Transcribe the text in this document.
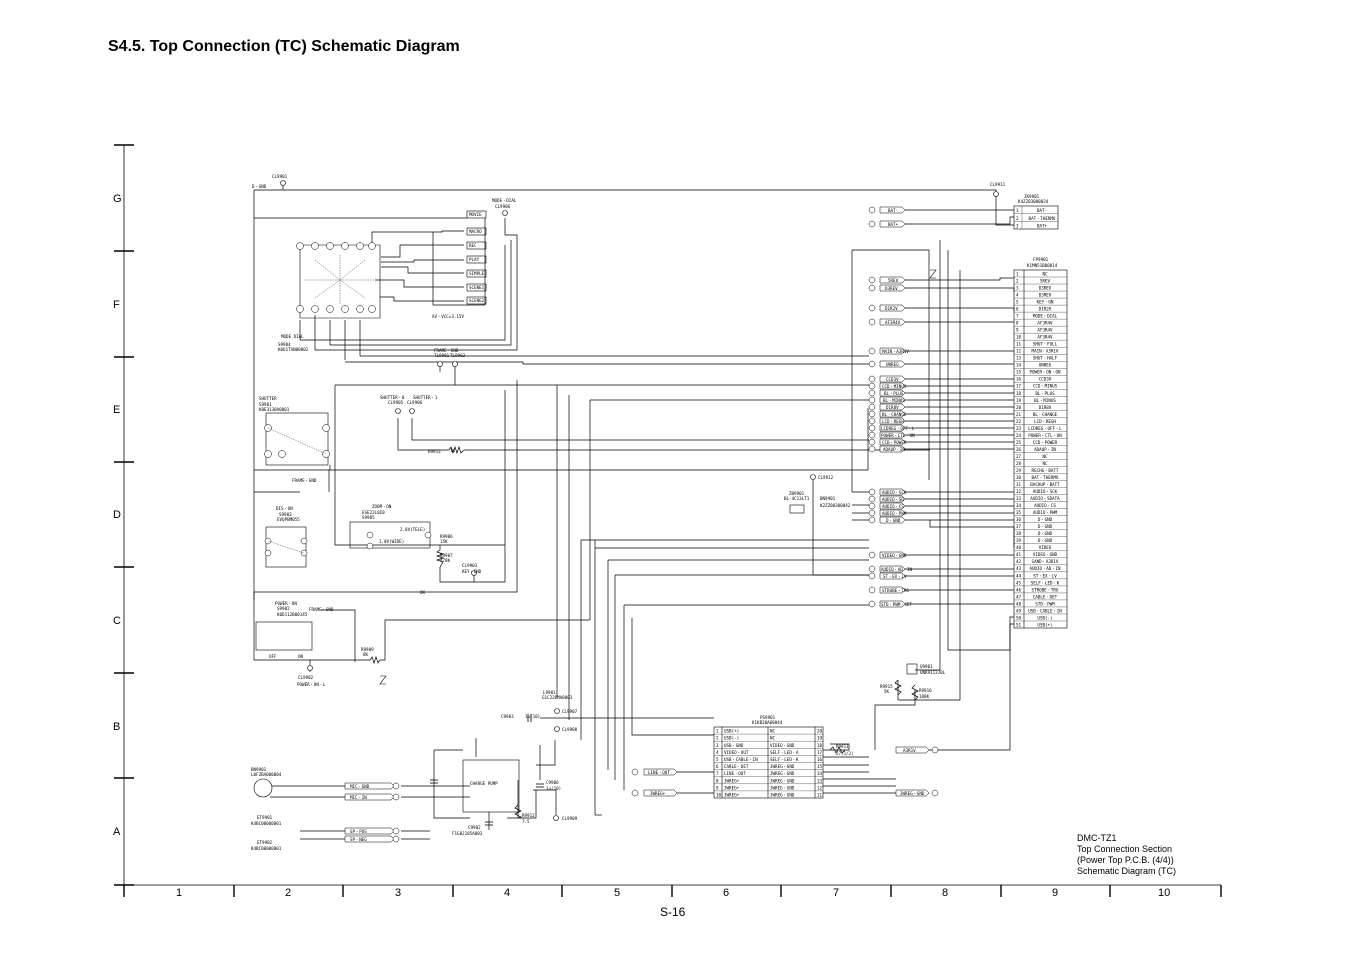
S4.5. Top Connection (TC) Schematic Diagram
G
F
E
D
C
B
A
1	2	3	4	5	6	7	8	9	10
1	NC
2	5REV
3	D3REV
4	D3REV
5	KEY・ON
6	D1R2V
7	MODE・DIAL
8	AF3R4V
9	AF3R4V
10	AF3R4V
11	SHUT・FULL
12	MAIN・A3R1V
13	SHUT・HALF
14	UNREG
15 POWER・ON・ON
16	CCD3V
17	CCD・MINUS
18	BL・PLUS
19	BL・MINUS
20	D1R8V
21	BL・CHANGE
22	LCD・REGH
23 LCDREG・OFF・L
24 POWER・CTL・ON
25	CCD・POWER
26	ADAUP・IN
27	NC
28	NC
29	RECHG・BATT
30	BAT・THERMO
31 BACKUP・BATT
32	AUDIO・SCK
33 AUDIO・SDATA
34	AUDIO・CS
35	AUDIO・PWM
36	D・GND
37	D・GND
38	D・GND
39	D・GND
40	VIDEO
41	VIDEO・GND
42	SAND・A3R1V
43 AUDIO・AD・IN
44	ST・EX・LV
45 SELF・LED・K
46	STROBE・TRG
47	CABLE・DET
48	STD・PWM
49 USB・CABLE・IN
50	USB(-)
51	USB(+)
1	BAT-
2 BAT・THERMO
3	BAT+
1 USB(+)	NC	20
2 USB(-)	NC	19
3 USB・GND	VIDEO・GND	18
4 VIDEO・OUT	SELF・LED・A	17
5 USB・CABLE・IN	SELF・LED・K	16
6 CABLE・DET	JWREG・GND	15
7 LINE・OUT	JWREG・GND	14
8 JWREG+	JWREG・GND	13
9 JWREG+	JWREG・GND	12
10 JWREG+	JWREG・GND	11
CL9901
D・GND
MODE・DIAL
CL9906
MOVIE
MACRO
REC
PLAY
SIMPLE
SCENE1
SCENE2
AV・VCC=3.15V
MODE DIAL
S9904
K0U1TAN00002	FRAME・GND
TL9901 TL9902
SHUTTER
S9901
K0E3130A0001
SHUTTER・0 SHUTTER・1
CL9905 CL9906
R9913 1K
FRAME・GND
DIS・ON
S9903
EVQPBM055
ZOOM・ON
ESE22L0I0
S9905
2.0V(TELE)
1.0V(WIDE)
R9906
15K
R9907
470K
CL9903
KEY・GND
OK
POWER・ON
S9902
K0D112B00145
FRAME・GND
OFF	ON
R9909
8K
CL9902
POWER・ON・L
BN9901
L0FZBA000004
MIC・GND
MIC・IN
SP・POS
SP・NEG
ET9901
K4BC00000001
ET9902
K4BC00000001
CHARGE PUMP
C9903	1u(10)
C9906
1u(10)
C9902
F1G0J105A003
R9912
7.5
L9901
G1C220MA0003
CL9907
CL9908
CL9909
ZB9901
BL-4C13LT1	BN9901
K2ZZ00300042
CL9912
CL9911
JK9901
K4ZZ03000024
FP9901
K1MN51B00014
PS9901
K1KB20A00044
Q9901
UNR9113J0L
R9915
5K	R9916
100K
R9911
27(1/2)
BAT-
BAT+
5REV
D3REV
D1R2V
AF3R4V
MAIN・A3R1V
UNREG
CCD3V
CCD・MINUS
BL・PLUS
BL・MINUS
D1R8V
BL・CHANGE
LCD・REGH
LCDREG・OFF・L
POWER・CTL・ON
CCD・POWER
ADAUP・IN
AUDIO・SCK
AUDIO・SD
AUDIO・CS
AUDIO・PWM
D・GND
VIDEO・GND
AUDIO・AD・IN
ST・EX・LV
STROBE・TRG
STD・PWM・SET
A3R1V
JWREG・GND
LINE・OUT
JWREG+
DMC-TZ1
Top Connection Section
(Power Top P.C.B. (4/4))
Schematic Diagram (TC)
S-16
